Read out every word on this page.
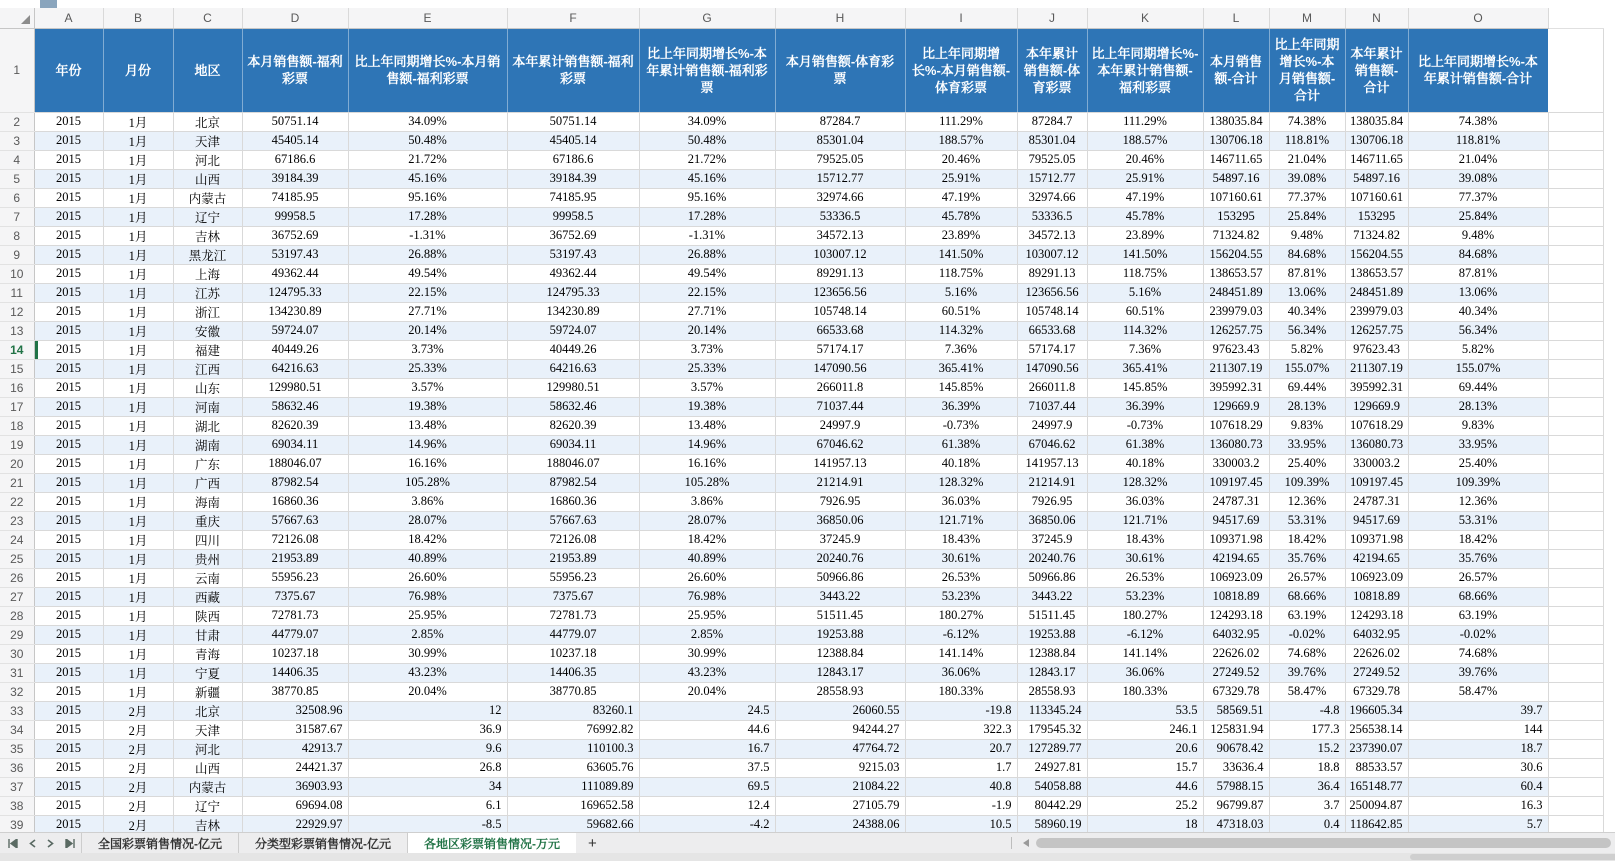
	A	B	C	D	E	F	G	H	I	J	K	L	M	N	O	
1	年份	月份	地区	本月销售额-福利彩票	比上年同期增长%-本月销售额-福利彩票	本年累计销售额-福利彩票	比上年同期增长%-本年累计销售额-福利彩票	本月销售额-体育彩票	比上年同期增长%-本月销售额-体育彩票	本年累计销售额-体育彩票	比上年同期增长%-本年累计销售额-福利彩票	本月销售额-合计	比上年同期增长%-本月销售额-合计	本年累计销售额-合计	比上年同期增长%-本年累计销售额-合计	
2	2015	1月	北京	50751.14	34.09%	50751.14	34.09%	87284.7	111.29%	87284.7	111.29%	138035.84	74.38%	138035.84	74.38%	
3	2015	1月	天津	45405.14	50.48%	45405.14	50.48%	85301.04	188.57%	85301.04	188.57%	130706.18	118.81%	130706.18	118.81%	
4	2015	1月	河北	67186.6	21.72%	67186.6	21.72%	79525.05	20.46%	79525.05	20.46%	146711.65	21.04%	146711.65	21.04%	
5	2015	1月	山西	39184.39	45.16%	39184.39	45.16%	15712.77	25.91%	15712.77	25.91%	54897.16	39.08%	54897.16	39.08%	
6	2015	1月	内蒙古	74185.95	95.16%	74185.95	95.16%	32974.66	47.19%	32974.66	47.19%	107160.61	77.37%	107160.61	77.37%	
7	2015	1月	辽宁	99958.5	17.28%	99958.5	17.28%	53336.5	45.78%	53336.5	45.78%	153295	25.84%	153295	25.84%	
8	2015	1月	吉林	36752.69	-1.31%	36752.69	-1.31%	34572.13	23.89%	34572.13	23.89%	71324.82	9.48%	71324.82	9.48%	
9	2015	1月	黑龙江	53197.43	26.88%	53197.43	26.88%	103007.12	141.50%	103007.12	141.50%	156204.55	84.68%	156204.55	84.68%	
10	2015	1月	上海	49362.44	49.54%	49362.44	49.54%	89291.13	118.75%	89291.13	118.75%	138653.57	87.81%	138653.57	87.81%	
11	2015	1月	江苏	124795.33	22.15%	124795.33	22.15%	123656.56	5.16%	123656.56	5.16%	248451.89	13.06%	248451.89	13.06%	
12	2015	1月	浙江	134230.89	27.71%	134230.89	27.71%	105748.14	60.51%	105748.14	60.51%	239979.03	40.34%	239979.03	40.34%	
13	2015	1月	安徽	59724.07	20.14%	59724.07	20.14%	66533.68	114.32%	66533.68	114.32%	126257.75	56.34%	126257.75	56.34%	
14	2015	1月	福建	40449.26	3.73%	40449.26	3.73%	57174.17	7.36%	57174.17	7.36%	97623.43	5.82%	97623.43	5.82%	
15	2015	1月	江西	64216.63	25.33%	64216.63	25.33%	147090.56	365.41%	147090.56	365.41%	211307.19	155.07%	211307.19	155.07%	
16	2015	1月	山东	129980.51	3.57%	129980.51	3.57%	266011.8	145.85%	266011.8	145.85%	395992.31	69.44%	395992.31	69.44%	
17	2015	1月	河南	58632.46	19.38%	58632.46	19.38%	71037.44	36.39%	71037.44	36.39%	129669.9	28.13%	129669.9	28.13%	
18	2015	1月	湖北	82620.39	13.48%	82620.39	13.48%	24997.9	-0.73%	24997.9	-0.73%	107618.29	9.83%	107618.29	9.83%	
19	2015	1月	湖南	69034.11	14.96%	69034.11	14.96%	67046.62	61.38%	67046.62	61.38%	136080.73	33.95%	136080.73	33.95%	
20	2015	1月	广东	188046.07	16.16%	188046.07	16.16%	141957.13	40.18%	141957.13	40.18%	330003.2	25.40%	330003.2	25.40%	
21	2015	1月	广西	87982.54	105.28%	87982.54	105.28%	21214.91	128.32%	21214.91	128.32%	109197.45	109.39%	109197.45	109.39%	
22	2015	1月	海南	16860.36	3.86%	16860.36	3.86%	7926.95	36.03%	7926.95	36.03%	24787.31	12.36%	24787.31	12.36%	
23	2015	1月	重庆	57667.63	28.07%	57667.63	28.07%	36850.06	121.71%	36850.06	121.71%	94517.69	53.31%	94517.69	53.31%	
24	2015	1月	四川	72126.08	18.42%	72126.08	18.42%	37245.9	18.43%	37245.9	18.43%	109371.98	18.42%	109371.98	18.42%	
25	2015	1月	贵州	21953.89	40.89%	21953.89	40.89%	20240.76	30.61%	20240.76	30.61%	42194.65	35.76%	42194.65	35.76%	
26	2015	1月	云南	55956.23	26.60%	55956.23	26.60%	50966.86	26.53%	50966.86	26.53%	106923.09	26.57%	106923.09	26.57%	
27	2015	1月	西藏	7375.67	76.98%	7375.67	76.98%	3443.22	53.23%	3443.22	53.23%	10818.89	68.66%	10818.89	68.66%	
28	2015	1月	陕西	72781.73	25.95%	72781.73	25.95%	51511.45	180.27%	51511.45	180.27%	124293.18	63.19%	124293.18	63.19%	
29	2015	1月	甘肃	44779.07	2.85%	44779.07	2.85%	19253.88	-6.12%	19253.88	-6.12%	64032.95	-0.02%	64032.95	-0.02%	
30	2015	1月	青海	10237.18	30.99%	10237.18	30.99%	12388.84	141.14%	12388.84	141.14%	22626.02	74.68%	22626.02	74.68%	
31	2015	1月	宁夏	14406.35	43.23%	14406.35	43.23%	12843.17	36.06%	12843.17	36.06%	27249.52	39.76%	27249.52	39.76%	
32	2015	1月	新疆	38770.85	20.04%	38770.85	20.04%	28558.93	180.33%	28558.93	180.33%	67329.78	58.47%	67329.78	58.47%	
33	2015	2月	北京	32508.96	12	83260.1	24.5	26060.55	-19.8	113345.24	53.5	58569.51	-4.8	196605.34	39.7	
34	2015	2月	天津	31587.67	36.9	76992.82	44.6	94244.27	322.3	179545.32	246.1	125831.94	177.3	256538.14	144	
35	2015	2月	河北	42913.7	9.6	110100.3	16.7	47764.72	20.7	127289.77	20.6	90678.42	15.2	237390.07	18.7	
36	2015	2月	山西	24421.37	26.8	63605.76	37.5	9215.03	1.7	24927.81	15.7	33636.4	18.8	88533.57	30.6	
37	2015	2月	内蒙古	36903.93	34	111089.89	69.5	21084.22	40.8	54058.88	44.6	57988.15	36.4	165148.77	60.4	
38	2015	2月	辽宁	69694.08	6.1	169652.58	12.4	27105.79	-1.9	80442.29	25.2	96799.87	3.7	250094.87	16.3	
39	2015	2月	吉林	22929.97	-8.5	59682.66	-4.2	24388.06	10.5	58960.19	18	47318.03	0.4	118642.85	5.7	

全国彩票销售情况-亿元	分类型彩票销售情况-亿元	各地区彩票销售情况-万元	+
